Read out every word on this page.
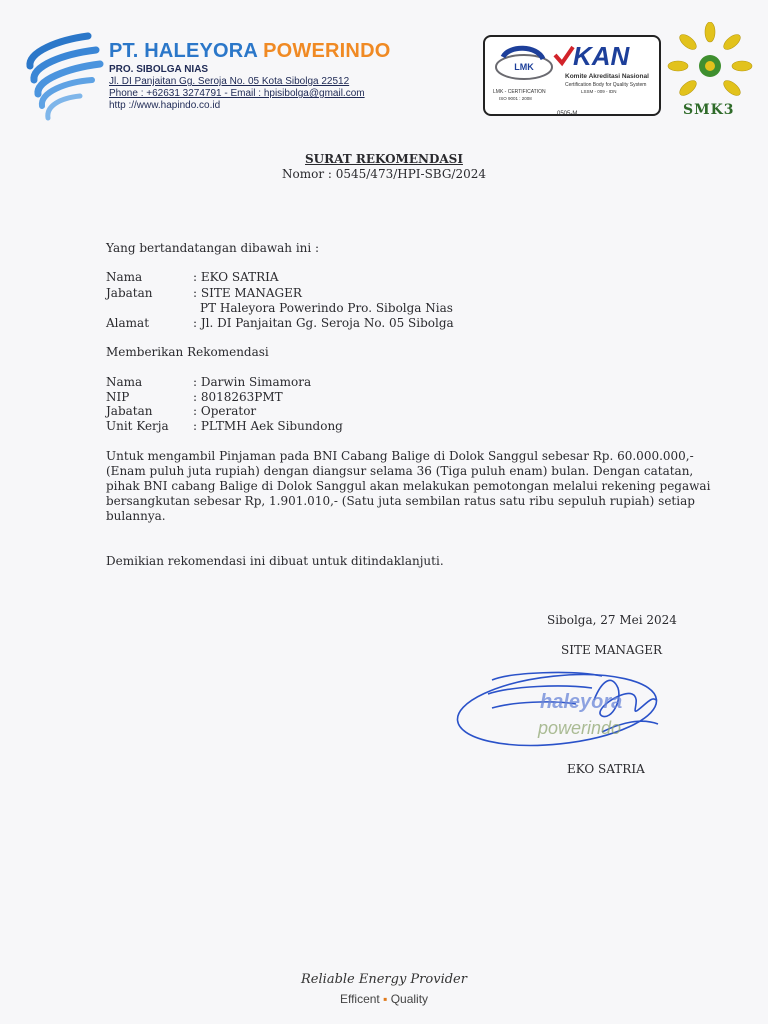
PT. HALEYORA POWERINDO
PRO. SIBOLGA NIAS
Jl. DI Panjaitan Gg. Seroja No. 05 Kota Sibolga 22512
Phone : +62631 3274791 - Email : hpisibolga@gmail.com
http ://www.hapindo.co.id
LMK KAN
Komite Akreditasi Nasional
Certification Body for Quality System
LSSM - 009 - IDN
LMK - CERTIFICATION
ISO 9001 : 2008
0505-M	SMK3
SURAT REKOMENDASI
Nomor : 0545/473/HPI-SBG/2024
Yang bertandatangan dibawah ini :
Nama	: EKO SATRIA
Jabatan	: SITE MANAGER
PT Haleyora Powerindo Pro. Sibolga Nias
Alamat	: Jl. DI Panjaitan Gg. Seroja No. 05 Sibolga
Memberikan Rekomendasi
Nama	: Darwin Simamora
NIP	: 8018263PMT
Jabatan	: Operator
Unit Kerja : PLTMH Aek Sibundong
Untuk mengambil Pinjaman pada BNI Cabang Balige di Dolok Sanggul sebesar Rp. 60.000.000,-
(Enam puluh juta rupiah) dengan diangsur selama 36 (Tiga puluh enam) bulan. Dengan catatan,
pihak BNI cabang Balige di Dolok Sanggul akan melakukan pemotongan melalui rekening pegawai
bersangkutan sebesar Rp, 1.901.010,- (Satu juta sembilan ratus satu ribu sepuluh rupiah) setiap
bulannya.
Demikian rekomendasi ini dibuat untuk ditindaklanjuti.
Sibolga, 27 Mei 2024
SITE MANAGER
haleyora
powerindo
EKO SATRIA
Reliable Energy Provider
Efficent ▪ Quality
